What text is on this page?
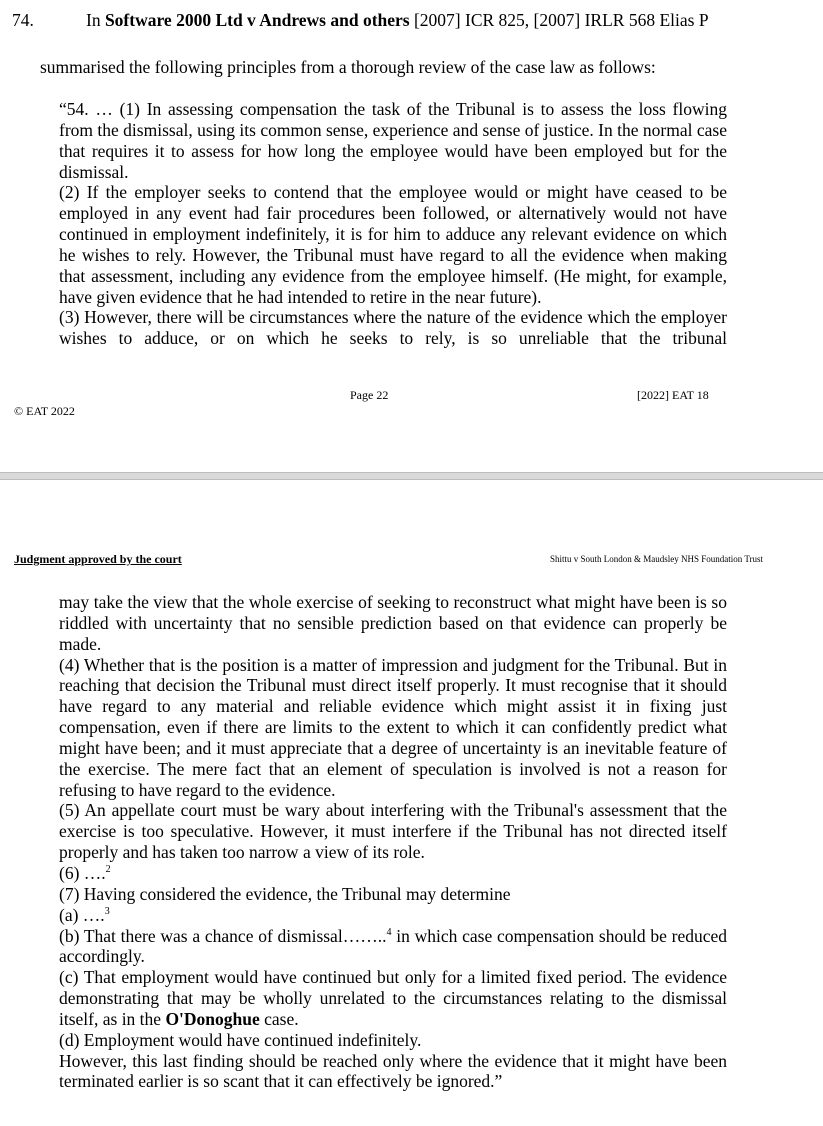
74.	In Software 2000 Ltd v Andrews and others [2007] ICR 825, [2007] IRLR 568 Elias P
summarised the following principles from a thorough review of the case law as follows:

“54. … (1) In assessing compensation the task of the Tribunal is to assess the loss flowing from the dismissal, using its common sense, experience and sense of justice. In the normal case that requires it to assess for how long the employee would have been employed but for the dismissal.

(2) If the employer seeks to contend that the employee would or might have ceased to be employed in any event had fair procedures been followed, or alternatively would not have continued in employment indefinitely, it is for him to adduce any relevant evidence on which he wishes to rely. However, the Tribunal must have regard to all the evidence when making that assessment, including any evidence from the employee himself. (He might, for example, have given evidence that he had intended to retire in the near future).

(3) However, there will be circumstances where the nature of the evidence which the employer wishes to adduce, or on which he seeks to rely, is so unreliable that the tribunal

Page 22	[2022] EAT 18
© EAT 2022
Judgment approved by the court	Shittu v South London & Maudsley NHS Foundation Trust

may take the view that the whole exercise of seeking to reconstruct what might have been is so riddled with uncertainty that no sensible prediction based on that evidence can properly be made.

(4) Whether that is the position is a matter of impression and judgment for the Tribunal. But in reaching that decision the Tribunal must direct itself properly. It must recognise that it should have regard to any material and reliable evidence which might assist it in fixing just compensation, even if there are limits to the extent to which it can confidently predict what might have been; and it must appreciate that a degree of uncertainty is an inevitable feature of the exercise. The mere fact that an element of speculation is involved is not a reason for refusing to have regard to the evidence.

(5) An appellate court must be wary about interfering with the Tribunal's assessment that the exercise is too speculative. However, it must interfere if the Tribunal has not directed itself properly and has taken too narrow a view of its role.

(6) ….$^2$

(7) Having considered the evidence, the Tribunal may determine

(a) ….$^3$

(b) That there was a chance of dismissal……..$^4$ in which case compensation should be reduced accordingly.

(c) That employment would have continued but only for a limited fixed period. The evidence demonstrating that may be wholly unrelated to the circumstances relating to the dismissal itself, as in the O'Donoghue case.

(d) Employment would have continued indefinitely.

However, this last finding should be reached only where the evidence that it might have been terminated earlier is so scant that it can effectively be ignored.”
